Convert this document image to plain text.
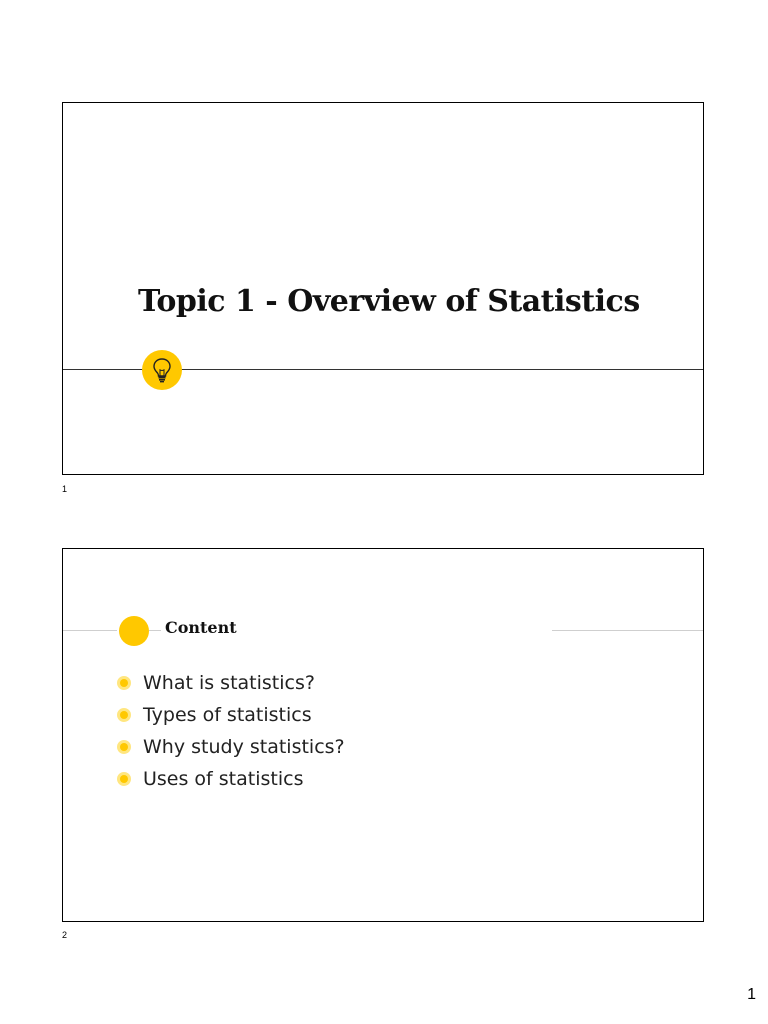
Topic 1 - Overview of Statistics
1
Content
What is statistics?
Types of statistics
Why study statistics?
Uses of statistics
2
1
